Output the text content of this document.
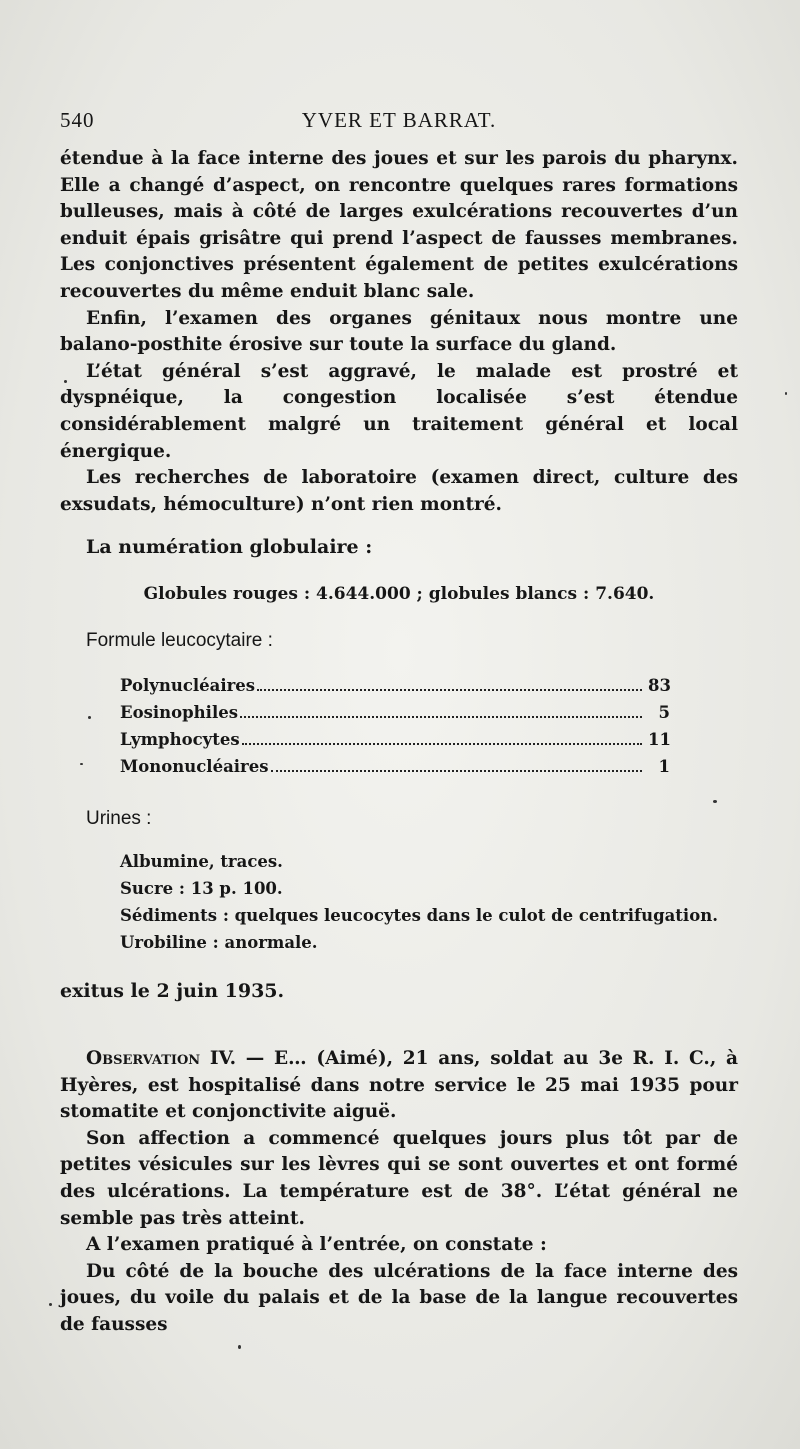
540	YVER ET BARRAT.

étendue à la face interne des joues et sur les parois du pharynx. Elle a changé d’aspect, on rencontre quelques rares formations bulleuses, mais à côté de larges exulcérations recouvertes d’un enduit épais grisâtre qui prend l’aspect de fausses membranes. Les conjonctives présentent également de petites exulcérations recouvertes du même enduit blanc sale.

Enfin, l’examen des organes génitaux nous montre une balano-posthite érosive sur toute la surface du gland.

L’état général s’est aggravé, le malade est prostré et dyspnéique, la congestion localisée s’est étendue considérablement malgré un traitement général et local énergique.

Les recherches de laboratoire (examen direct, culture des exsudats, hémoculture) n’ont rien montré.

La numération globulaire :
Globules rouges : 4.644.000 ; globules blancs : 7.640.
Formule leucocytaire :
Polynucléaires	83
Eosinophiles	5
Lymphocytes	11
Mononucléaires	1
Urines :
Albumine, traces.
Sucre : 13 p. 100.
Sédiments : quelques leucocytes dans le culot de centrifugation.
Urobiline : anormale.
exitus le 2 juin 1935.

Observation IV. — E… (Aimé), 21 ans, soldat au 3e R. I. C., à Hyères, est hospitalisé dans notre service le 25 mai 1935 pour stomatite et conjonctivite aiguë.

Son affection a commencé quelques jours plus tôt par de petites vésicules sur les lèvres qui se sont ouvertes et ont formé des ulcérations. La température est de 38°. L’état général ne semble pas très atteint.

A l’examen pratiqué à l’entrée, on constate :

Du côté de la bouche des ulcérations de la face interne des joues, du voile du palais et de la base de la langue recouvertes de fausses
